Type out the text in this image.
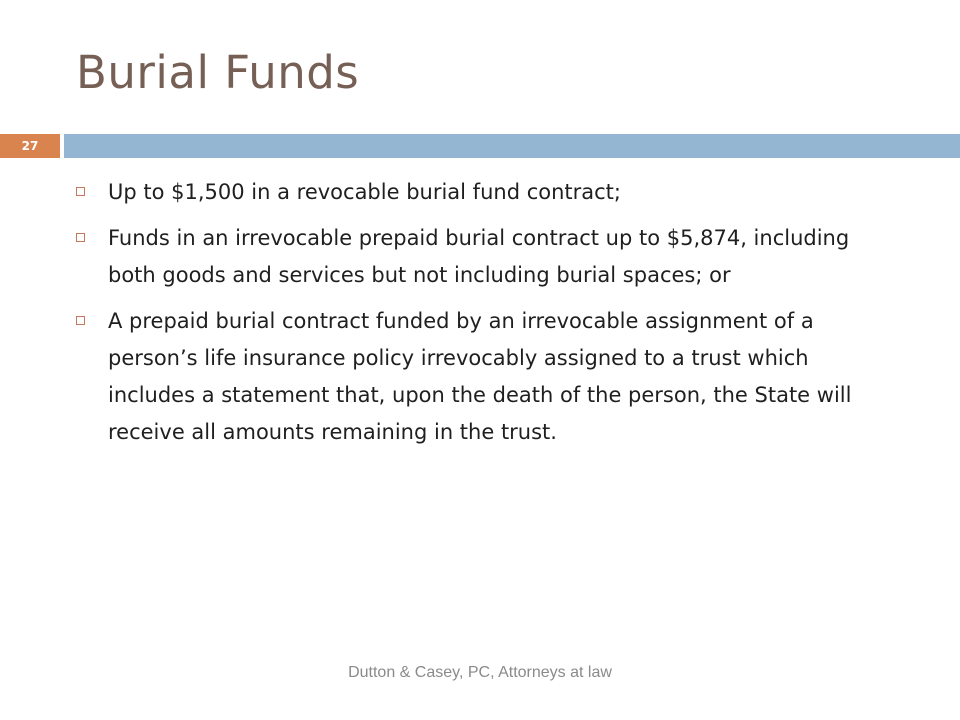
Burial Funds
27
Up to $1,500 in a revocable burial fund contract;
Funds in an irrevocable prepaid burial contract up to $5,874, including both goods and services but not including burial spaces; or
A prepaid burial contract funded by an irrevocable assignment of a person’s life insurance policy irrevocably assigned to a trust which includes a statement that, upon the death of the person, the State will receive all amounts remaining in the trust.
Dutton & Casey, PC, Attorneys at law
